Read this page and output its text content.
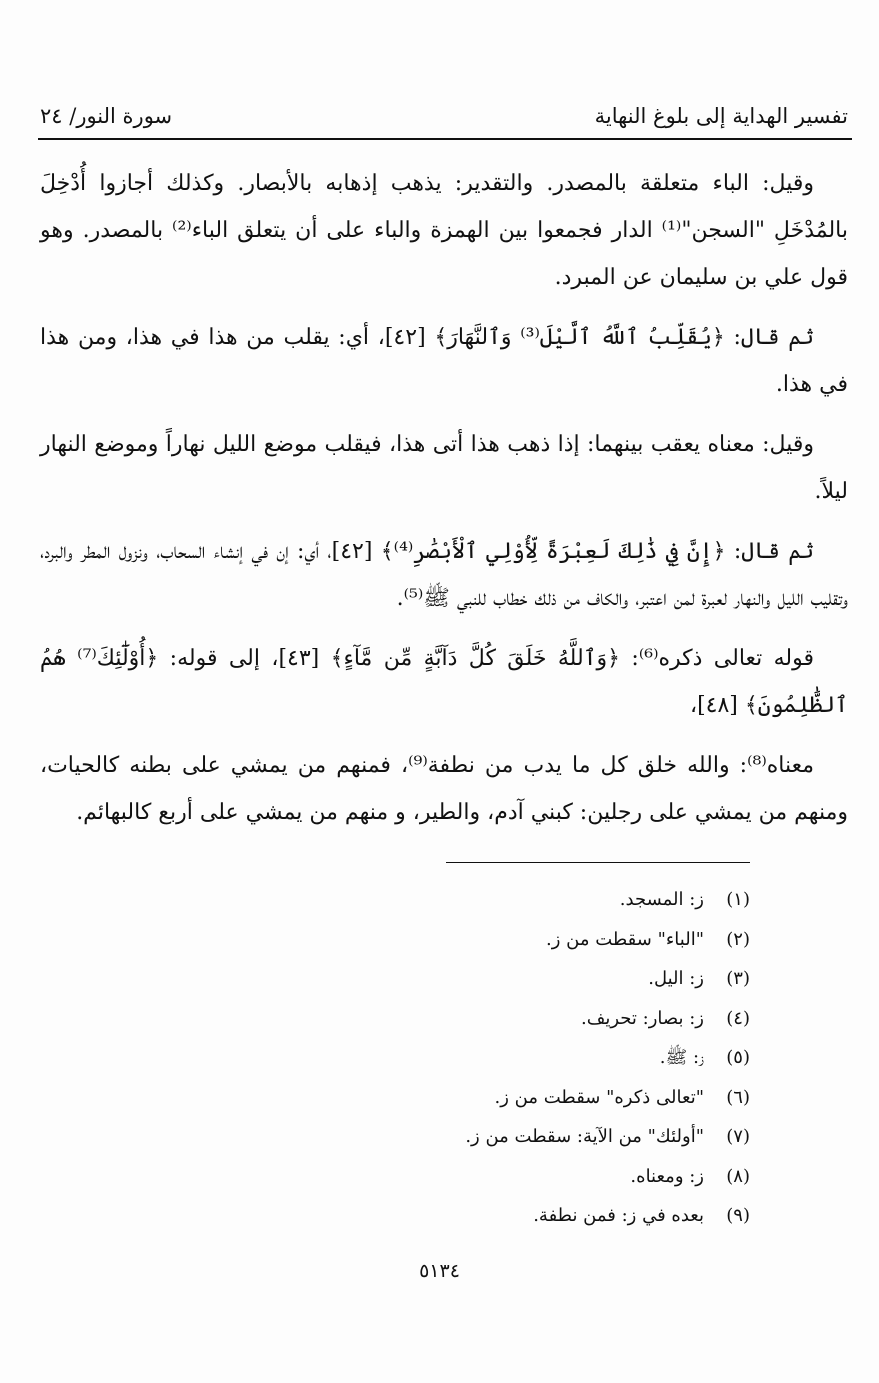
تفسير الهداية إلى بلوغ النهاية
سورة النور/ ٢٤

وقيل: الباء متعلقة بالمصدر. والتقدير: يذهب إذهابه بالأبصار. وكذلك أجازوا أُدْخِلَ بالمُدْخَلِ "السجن"⁽¹⁾ الدار فجمعوا بين الهمزة والباء على أن يتعلق الباء⁽²⁾ بالمصدر. وهو قول علي بن سليمان عن المبرد.

ثم قال: ﴿يُقَلِّبُ ٱللَّهُ ٱلَّيْلَ⁽³⁾ وَٱلنَّهَارَ﴾ [٤٢]، أي: يقلب من هذا في هذا، ومن هذا في هذا.

وقيل: معناه يعقب بينهما: إذا ذهب هذا أتى هذا، فيقلب موضع الليل نهاراً وموضع النهار ليلاً.

ثم قال: ﴿إِنَّ فِي ذَٰلِكَ لَعِبْرَةً لِّأُوْلِي ٱلْأَبْصَٰرِ⁽⁴⁾﴾ [٤٢]، أي: إن في إنشاء السحاب، ونزول المطر والبرد، وتقليب الليل والنهار لعبرة لمن اعتبر، والكاف من ذلك خطاب للنبي ﷺ⁽⁵⁾.

قوله تعالى ذكره⁽⁶⁾: ﴿وَٱللَّهُ خَلَقَ كُلَّ دَآبَّةٍ مِّن مَّآءٍ﴾ [٤٣]، إلى قوله: ﴿أُوْلَٰٓئِكَ⁽⁷⁾ هُمُ ٱلظَّٰلِمُونَ﴾ [٤٨]،

معناه⁽⁸⁾: والله خلق كل ما يدب من نطفة⁽⁹⁾، فمنهم من يمشي على بطنه كالحيات، ومنهم من يمشي على رجلين: كبني آدم، والطير، و منهم من يمشي على أربع كالبهائم.

(١)
ز: المسجد.
(٢)
"الباء" سقطت من ز.
(٣)
ز: اليل.
(٤)
ز: بصار: تحريف.
(٥)
ز: ﷺ.
(٦)
"تعالى ذكره" سقطت من ز.
(٧)
"أولئك" من الآية: سقطت من ز.
(٨)
ز: ومعناه.
(٩)
بعده في ز: فمن نطفة.
٥١٣٤
